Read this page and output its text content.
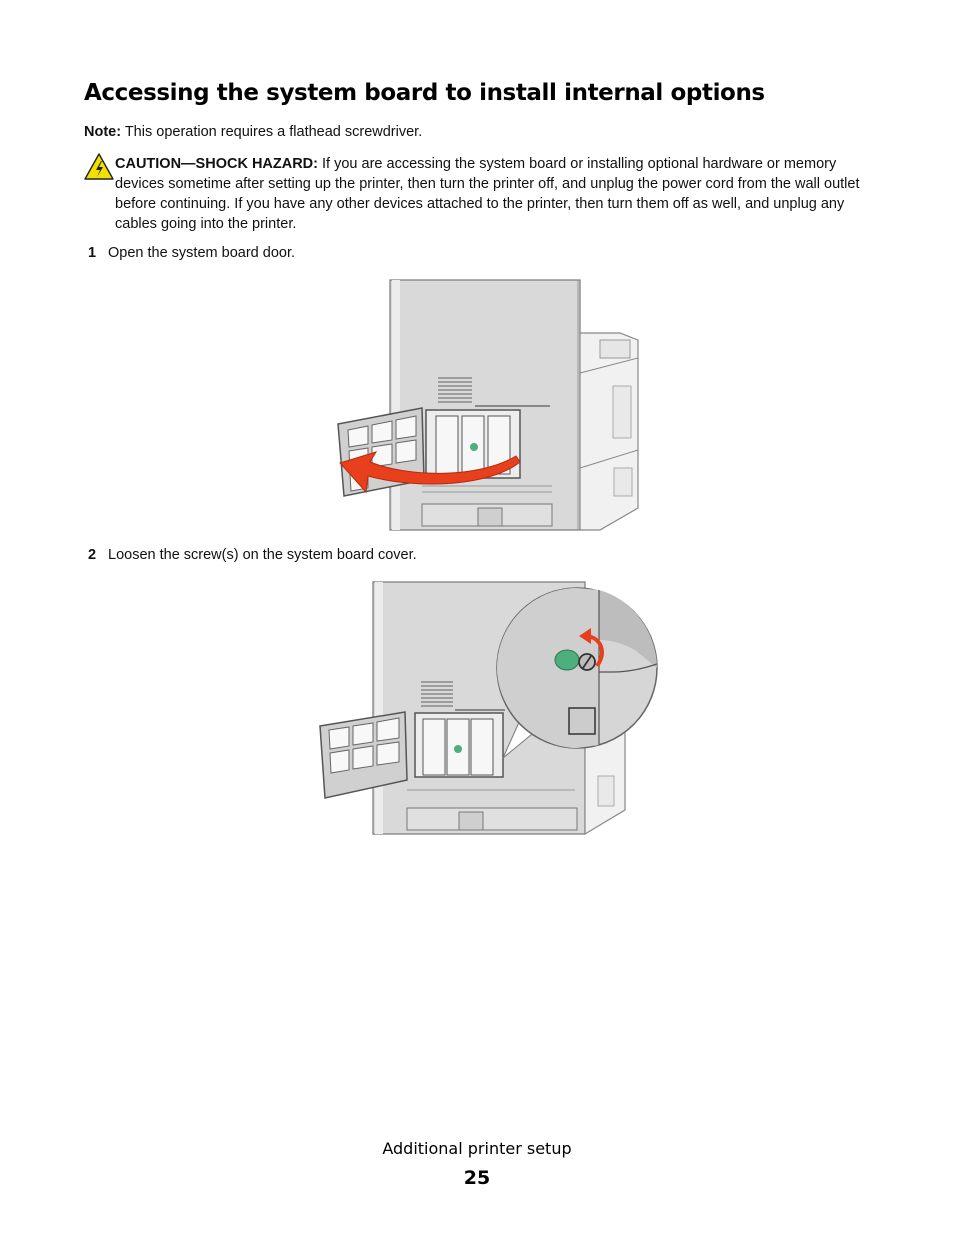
Accessing the system board to install internal options
Note: This operation requires a flathead screwdriver.
CAUTION—SHOCK HAZARD: If you are accessing the system board or installing optional hardware or memory devices sometime after setting up the printer, then turn the printer off, and unplug the power cord from the wall outlet before continuing. If you have any other devices attached to the printer, then turn them off as well, and unplug any cables going into the printer.
1 Open the system board door.
2 Loosen the screw(s) on the system board cover.
Additional printer setup
25
